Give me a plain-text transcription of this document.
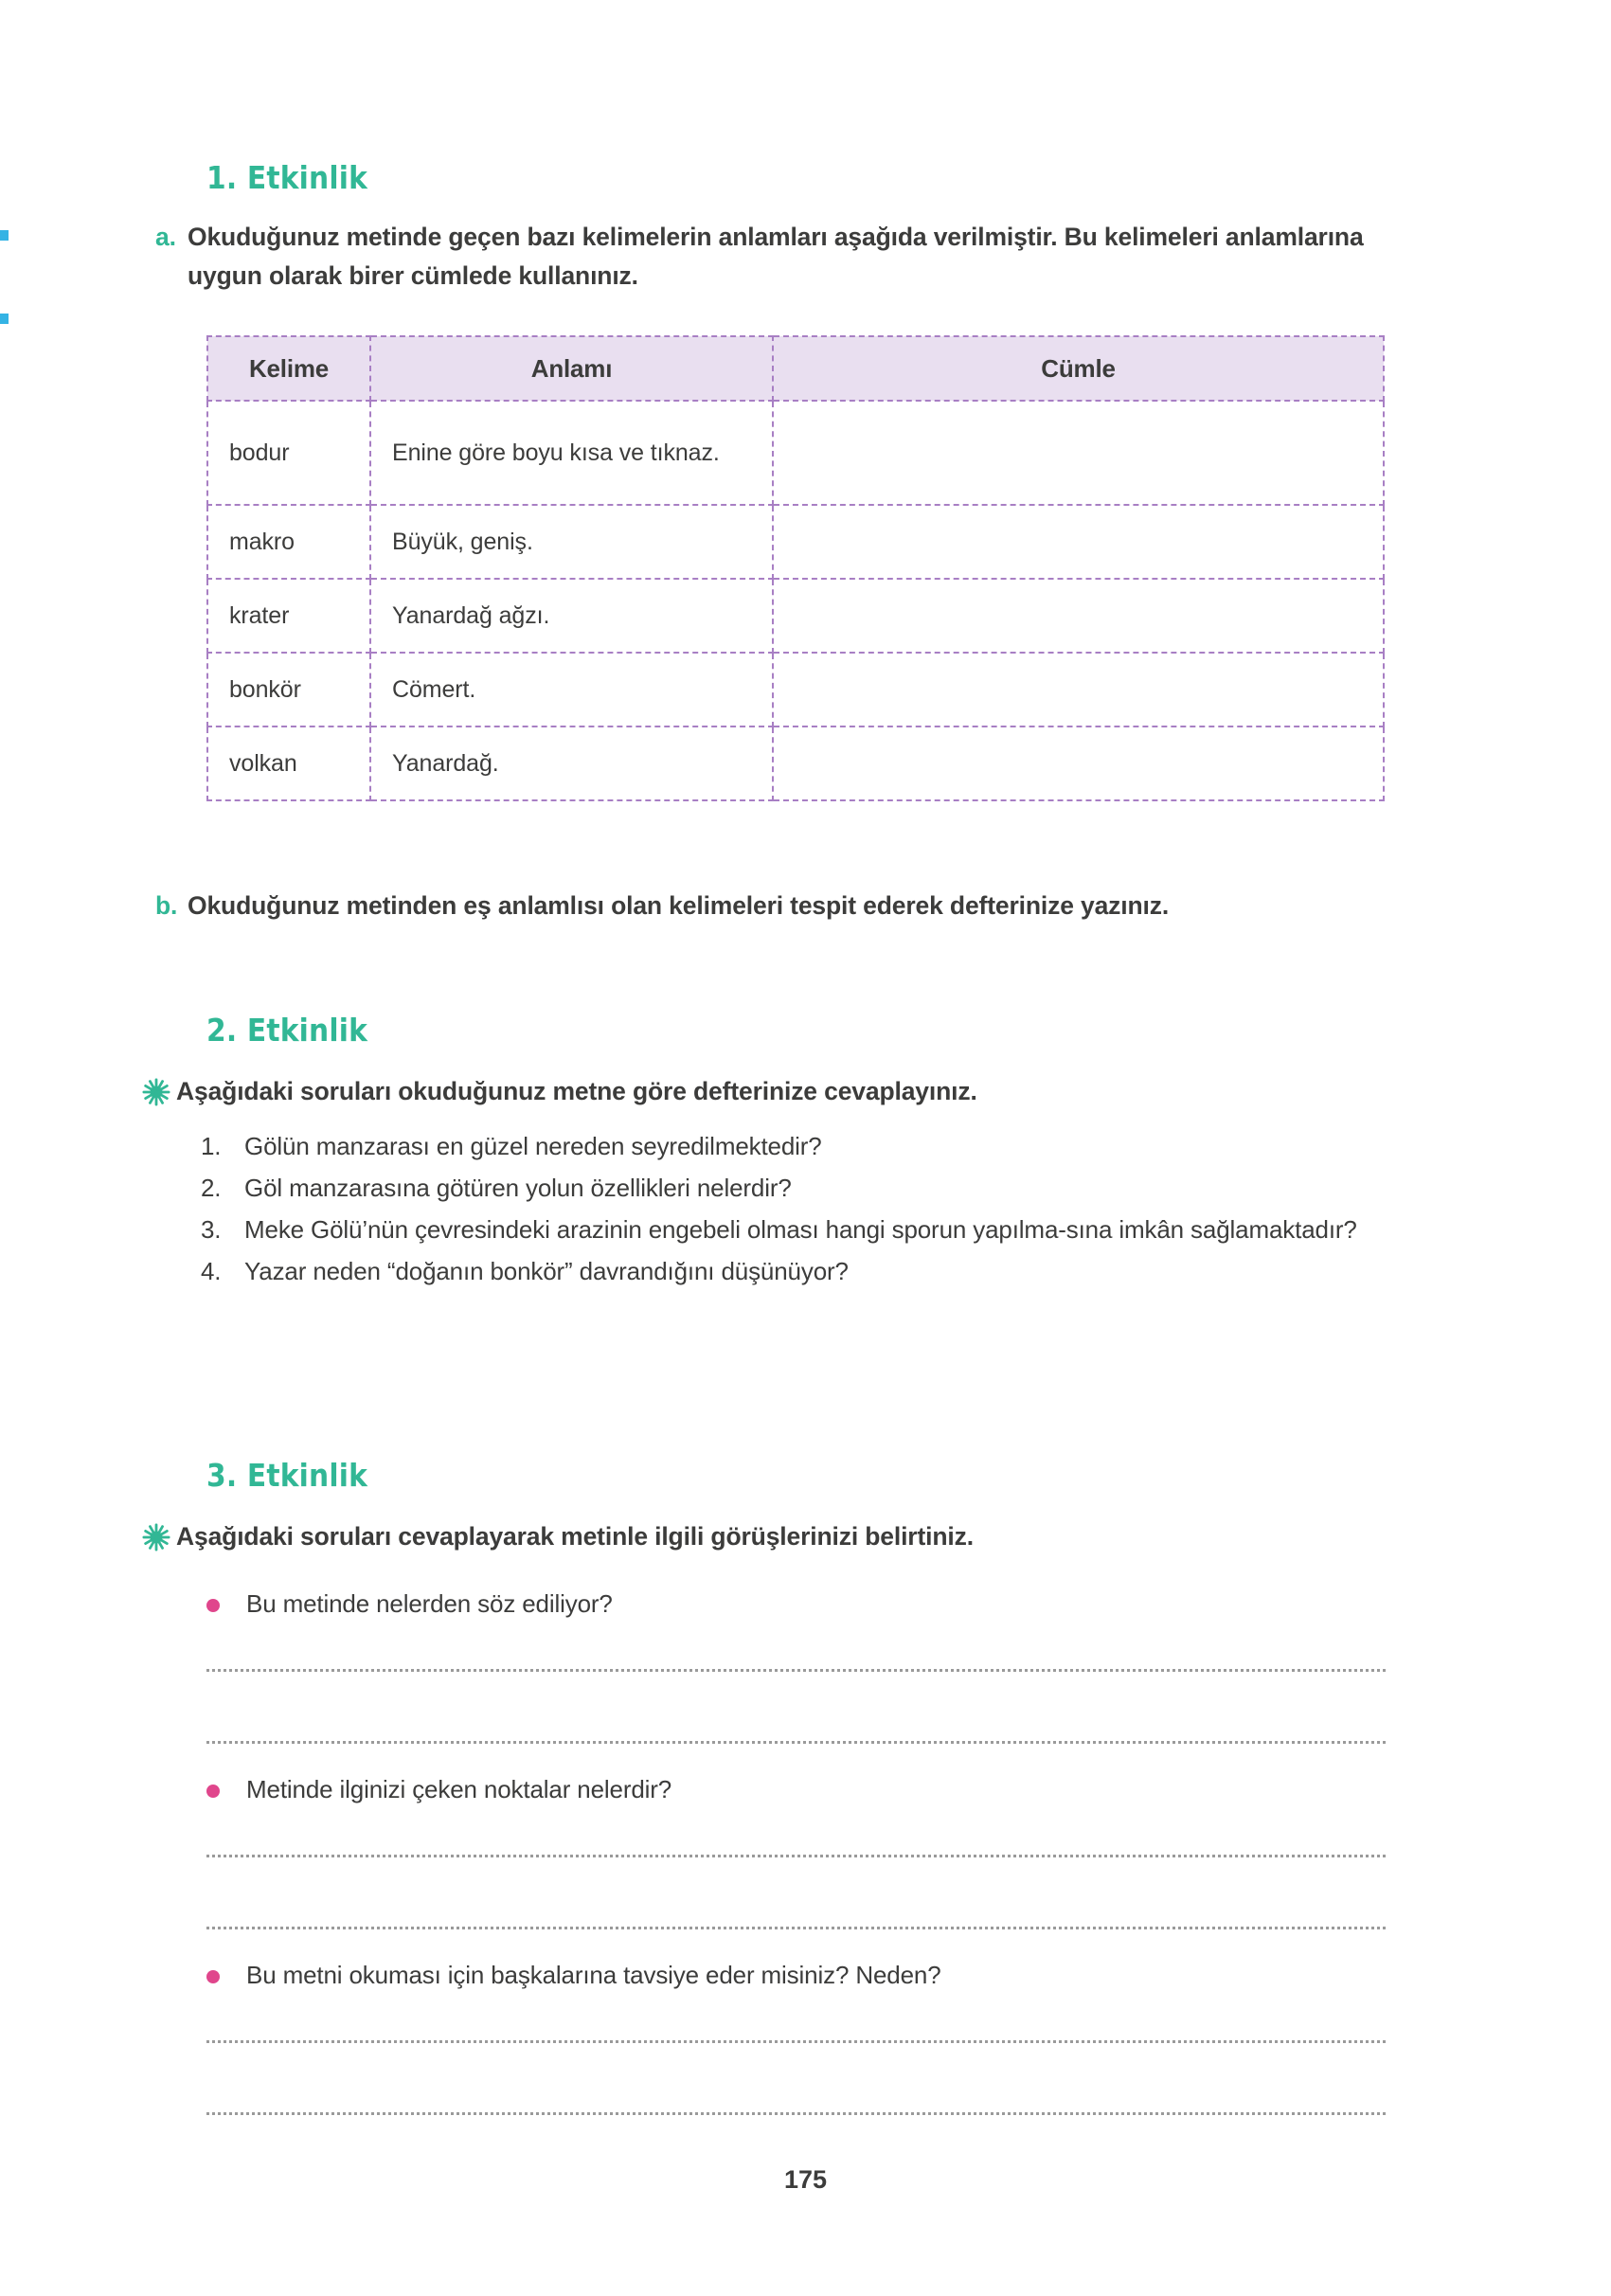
1. Etkinlik
a. Okuduğunuz metinde geçen bazı kelimelerin anlamları aşağıda verilmiştir. Bu kelimeleri anlamlarına uygun olarak birer cümlede kullanınız.
Kelime	Anlamı	Cümle
bodur	Enine göre boyu kısa ve tıknaz.	
makro	Büyük, geniş.	
krater	Yanardağ ağzı.	
bonkör	Cömert.	
volkan	Yanardağ.	
b. Okuduğunuz metinden eş anlamlısı olan kelimeleri tespit ederek defterinize yazınız.
2. Etkinlik
Aşağıdaki soruları okuduğunuz metne göre defterinize cevaplayınız.
1. Gölün manzarası en güzel nereden seyredilmektedir?
2. Göl manzarasına götüren yolun özellikleri nelerdir?
3. Meke Gölü’nün çevresindeki arazinin engebeli olması hangi sporun yapılma-sına imkân sağlamaktadır?
4. Yazar neden “doğanın bonkör” davrandığını düşünüyor?
3. Etkinlik
Aşağıdaki soruları cevaplayarak metinle ilgili görüşlerinizi belirtiniz.
Bu metinde nelerden söz ediliyor?
Metinde ilginizi çeken noktalar nelerdir?
Bu metni okuması için başkalarına tavsiye eder misiniz? Neden?
175
